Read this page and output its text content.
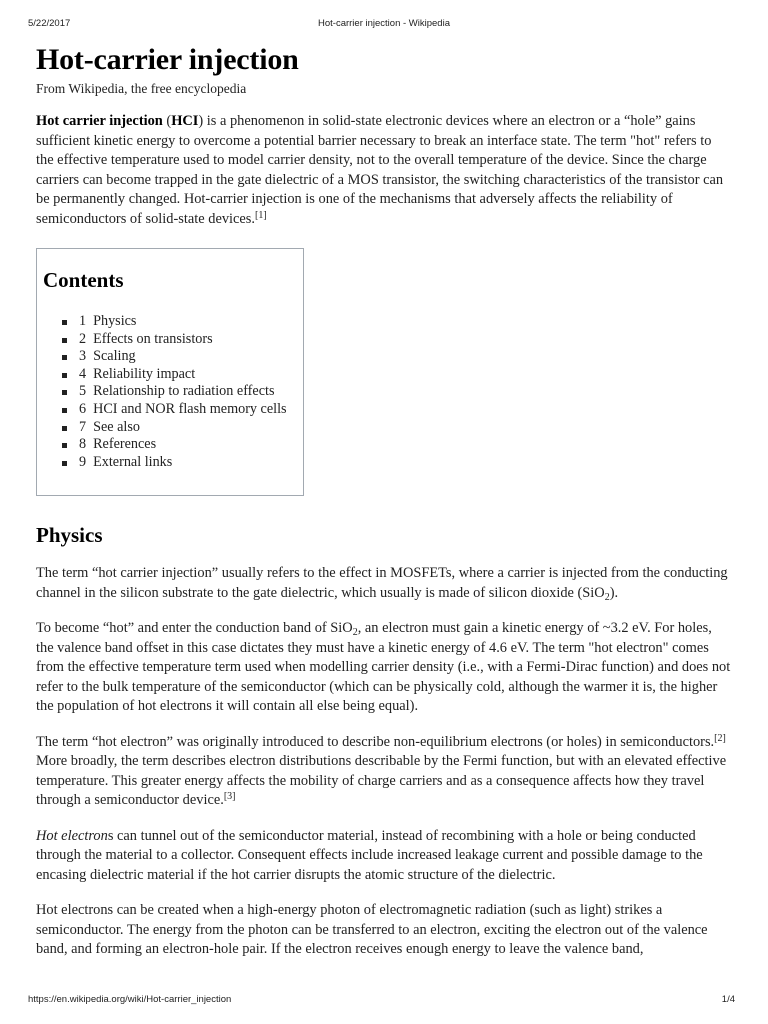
5/22/2017	Hot-carrier injection - Wikipedia
Hot-carrier injection
From Wikipedia, the free encyclopedia

Hot carrier injection (HCI) is a phenomenon in solid-state electronic devices where an electron or a “hole” gains sufficient kinetic energy to overcome a potential barrier necessary to break an interface state. The term "hot" refers to the effective temperature used to model carrier density, not to the overall temperature of the device. Since the charge carriers can become trapped in the gate dielectric of a MOS transistor, the switching characteristics of the transistor can be permanently changed. Hot-carrier injection is one of the mechanisms that adversely affects the reliability of semiconductors of solid-state devices.[1]

Contents
1 Physics
2 Effects on transistors
3 Scaling
4 Reliability impact
5 Relationship to radiation effects
6 HCI and NOR flash memory cells
7 See also
8 References
9 External links
Physics

The term “hot carrier injection” usually refers to the effect in MOSFETs, where a carrier is injected from the conducting channel in the silicon substrate to the gate dielectric, which usually is made of silicon dioxide (SiO$_2$).

To become “hot” and enter the conduction band of SiO$_2$, an electron must gain a kinetic energy of ~3.2 eV. For holes, the valence band offset in this case dictates they must have a kinetic energy of 4.6 eV. The term "hot electron" comes from the effective temperature term used when modelling carrier density (i.e., with a Fermi-Dirac function) and does not refer to the bulk temperature of the semiconductor (which can be physically cold, although the warmer it is, the higher the population of hot electrons it will contain all else being equal).

The term “hot electron” was originally introduced to describe non-equilibrium electrons (or holes) in semiconductors.[2] More broadly, the term describes electron distributions describable by the Fermi function, but with an elevated effective temperature. This greater energy affects the mobility of charge carriers and as a consequence affects how they travel through a semiconductor device.[3]

Hot electrons can tunnel out of the semiconductor material, instead of recombining with a hole or being conducted through the material to a collector. Consequent effects include increased leakage current and possible damage to the encasing dielectric material if the hot carrier disrupts the atomic structure of the dielectric.

Hot electrons can be created when a high-energy photon of electromagnetic radiation (such as light) strikes a semiconductor. The energy from the photon can be transferred to an electron, exciting the electron out of the valence band, and forming an electron-hole pair. If the electron receives enough energy to leave the valence band,

https://en.wikipedia.org/wiki/Hot-carrier_injection	1/4
